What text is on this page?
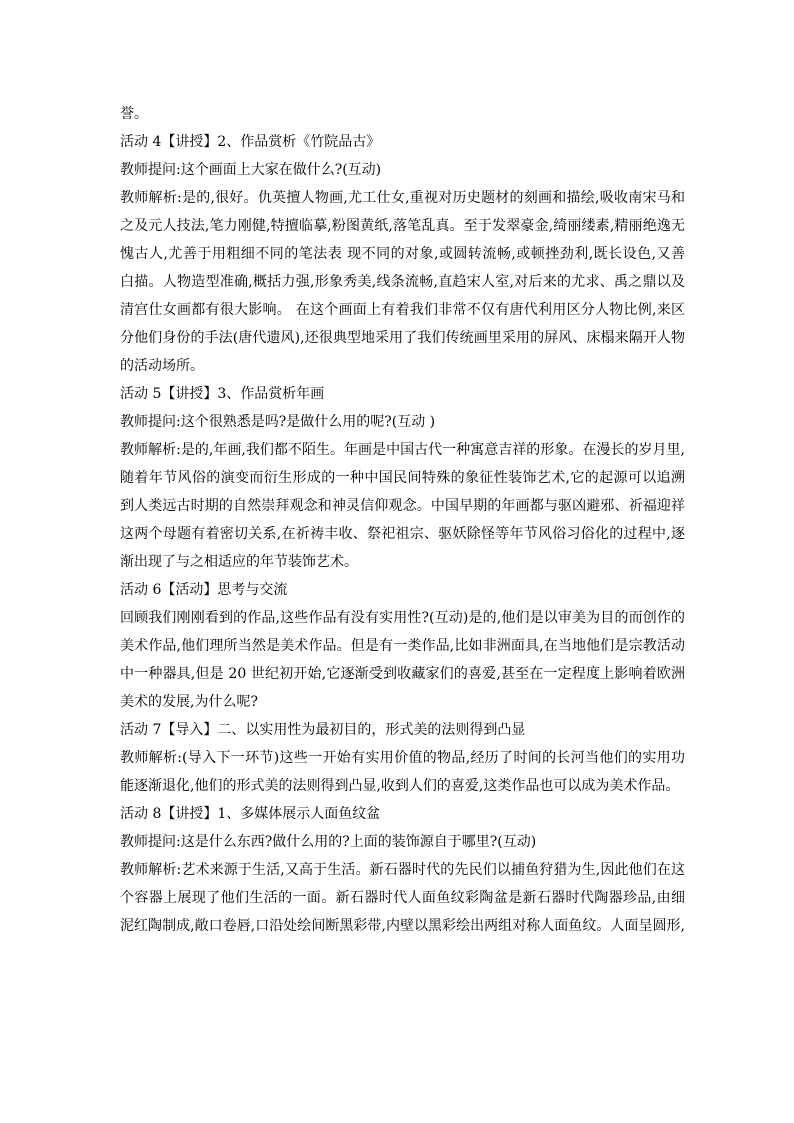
誉。
活动 4【讲授】2、作品赏析《竹院品古》
教师提问:这个画面上大家在做什么?(互动)
教师解析:是的,很好。仇英擅人物画,尤工仕女,重视对历史题材的刻画和描绘,吸收南宋马和
之及元人技法,笔力刚健,特擅临摹,粉图黄纸,落笔乱真。至于发翠豪金,绮丽缕素,精丽绝逸无
愧古人,尤善于用粗细不同的笔法表 现不同的对象,或圆转流畅,或顿挫劲利,既长设色,又善
白描。人物造型准确,概括力强,形象秀美,线条流畅,直趋宋人室,对后来的尤求、禹之鼎以及
清宫仕女画都有很大影响。 在这个画面上有着我们非常不仅有唐代利用区分人物比例,来区
分他们身份的手法(唐代遗风),还很典型地采用了我们传统画里采用的屏风、床榻来隔开人物
的活动场所。
活动 5【讲授】3、作品赏析年画
教师提问:这个很熟悉是吗?是做什么用的呢?(互动 )
教师解析:是的,年画,我们都不陌生。年画是中国古代一种寓意吉祥的形象。在漫长的岁月里,
随着年节风俗的演变而衍生形成的一种中国民间特殊的象征性装饰艺术,它的起源可以追溯
到人类远古时期的自然崇拜观念和神灵信仰观念。中国早期的年画都与驱凶避邪、祈福迎祥
这两个母题有着密切关系,在祈祷丰收、祭祀祖宗、驱妖除怪等年节风俗习俗化的过程中,逐
渐出现了与之相适应的年节装饰艺术。
活动 6【活动】思考与交流
回顾我们刚刚看到的作品,这些作品有没有实用性?(互动)是的,他们是以审美为目的而创作的
美术作品,他们理所当然是美术作品。但是有一类作品,比如非洲面具,在当地他们是宗教活动
中一种器具,但是 20 世纪初开始,它逐渐受到收藏家们的喜爱,甚至在一定程度上影响着欧洲
美术的发展,为什么呢?
活动 7【导入】二、以实用性为最初目的，形式美的法则得到凸显
教师解析:(导入下一环节)这些一开始有实用价值的物品,经历了时间的长河当他们的实用功
能逐渐退化,他们的形式美的法则得到凸显,收到人们的喜爱,这类作品也可以成为美术作品。
活动 8【讲授】1、多媒体展示人面鱼纹盆
教师提问:这是什么东西?做什么用的?上面的装饰源自于哪里?(互动)
教师解析:艺术来源于生活,又高于生活。新石器时代的先民们以捕鱼狩猎为生,因此他们在这
个容器上展现了他们生活的一面。新石器时代人面鱼纹彩陶盆是新石器时代陶器珍品,由细
泥红陶制成,敞口卷唇,口沿处绘间断黑彩带,内壁以黑彩绘出两组对称人面鱼纹。人面呈圆形,
